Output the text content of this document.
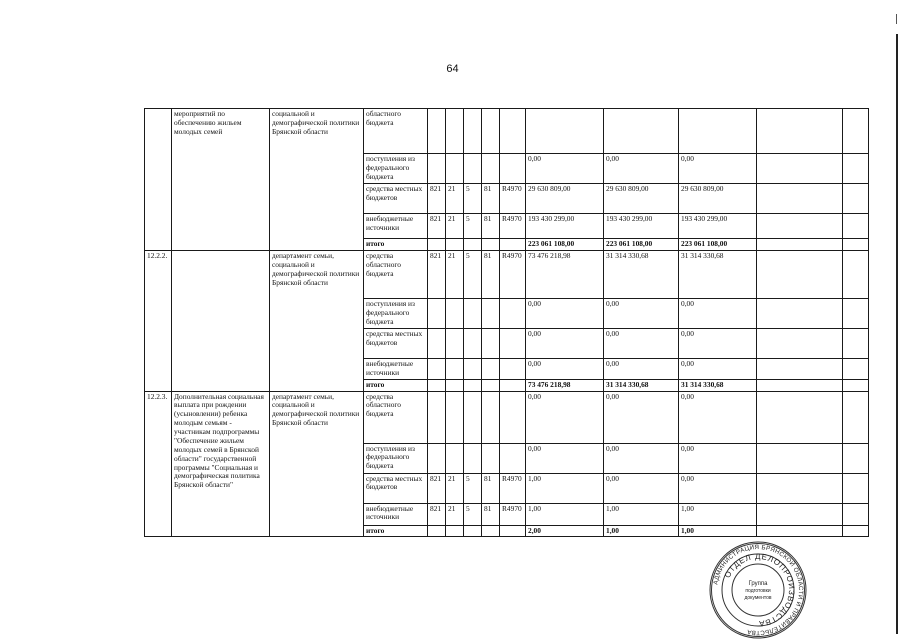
64
	мероприятий по обеспечению жильем молодых семей	социальной и демографической политики Брянской области	областного бюджета										
			поступления из федерального бюджета						0,00	0,00	0,00		
			средства местных бюджетов	821	21	5	81	R4970	29 630 809,00	29 630 809,00	29 630 809,00		
			внебюджетные источники	821	21	5	81	R4970	193 430 299,00	193 430 299,00	193 430 299,00		
			итого						223 061 108,00	223 061 108,00	223 061 108,00		
12.2.2.		департамент семьи, социальной и демографической политики Брянской области	средства областного бюджета	821	21	5	81	R4970	73 476 218,98	31 314 330,68	31 314 330,68		
			поступления из федерального бюджета						0,00	0,00	0,00		
			средства местных бюджетов						0,00	0,00	0,00		
			внебюджетные источники						0,00	0,00	0,00		
			итого						73 476 218,98	31 314 330,68	31 314 330,68		
12.2.3.	Дополнительная социальная выплата при рождении (усыновлении) ребенка молодым семьям - участникам подпрограммы "Обеспечение жильем молодых семей в Брянской области" государственной программы "Социальная и демографическая политика Брянской области"	департамент семьи, социальной и демографической политики Брянской области	средства областного бюджета						0,00	0,00	0,00		
			поступления из федерального бюджета						0,00	0,00	0,00		
			средства местных бюджетов	821	21	5	81	R4970	1,00	0,00	0,00		
			внебюджетные источники	821	21	5	81	R4970	1,00	1,00	1,00		
			итого						2,00	1,00	1,00		
АДМИНИСТРАЦИЯ БРЯНСКОЙ ОБЛАСТИ И ПРАВИТЕЛЬСТВА
ОТДЕЛ ДЕЛОПРОИЗВОДСТВА
Группа
подготовки
документов
